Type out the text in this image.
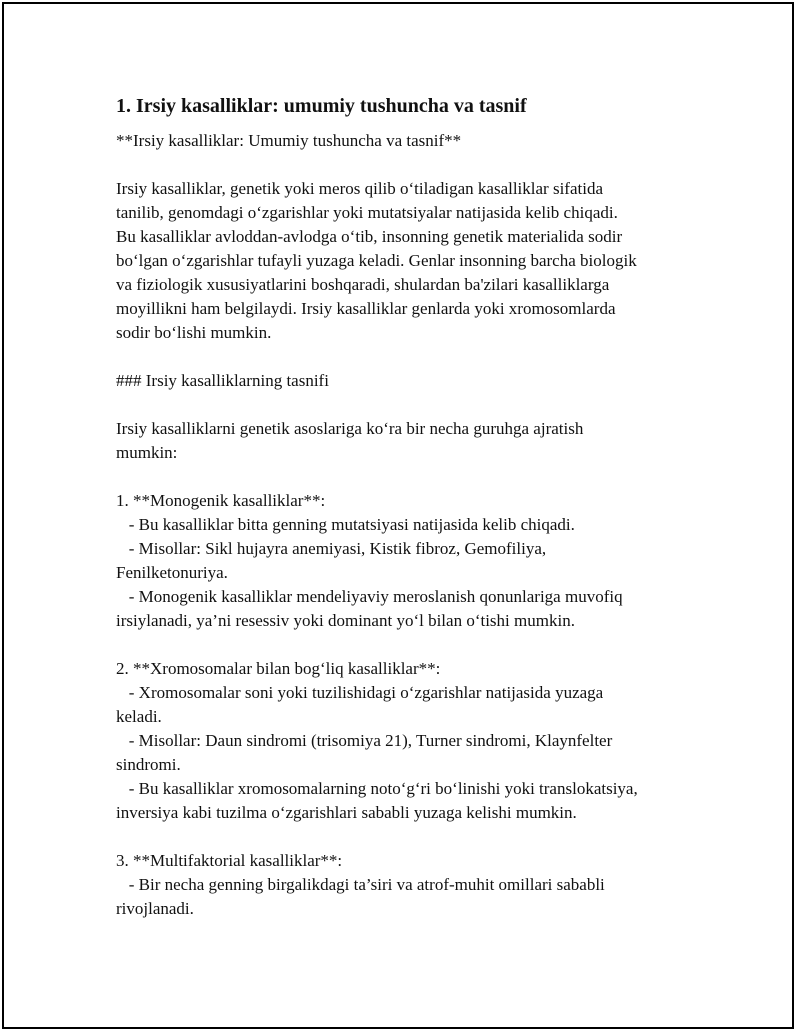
1. Irsiy kasalliklar: umumiy tushuncha va tasnif
**Irsiy kasalliklar: Umumiy tushuncha va tasnif**
Irsiy kasalliklar, genetik yoki meros qilib o‘tiladigan kasalliklar sifatida
tanilib, genomdagi o‘zgarishlar yoki mutatsiyalar natijasida kelib chiqadi.
Bu kasalliklar avloddan-avlodga o‘tib, insonning genetik materialida sodir
bo‘lgan o‘zgarishlar tufayli yuzaga keladi. Genlar insonning barcha biologik
va fiziologik xususiyatlarini boshqaradi, shulardan ba'zilari kasalliklarga
moyillikni ham belgilaydi. Irsiy kasalliklar genlarda yoki xromosomlarda
sodir bo‘lishi mumkin.
### Irsiy kasalliklarning tasnifi
Irsiy kasalliklarni genetik asoslariga ko‘ra bir necha guruhga ajratish
mumkin:
1. **Monogenik kasalliklar**:
- Bu kasalliklar bitta genning mutatsiyasi natijasida kelib chiqadi.
- Misollar: Sikl hujayra anemiyasi, Kistik fibroz, Gemofiliya,
Fenilketonuriya.
- Monogenik kasalliklar mendeliyaviy meroslanish qonunlariga muvofiq
irsiylanadi, ya’ni resessiv yoki dominant yo‘l bilan o‘tishi mumkin.
2. **Xromosomalar bilan bog‘liq kasalliklar**:
- Xromosomalar soni yoki tuzilishidagi o‘zgarishlar natijasida yuzaga
keladi.
- Misollar: Daun sindromi (trisomiya 21), Turner sindromi, Klaynfelter
sindromi.
- Bu kasalliklar xromosomalarning noto‘g‘ri bo‘linishi yoki translokatsiya,
inversiya kabi tuzilma o‘zgarishlari sababli yuzaga kelishi mumkin.
3. **Multifaktorial kasalliklar**:
- Bir necha genning birgalikdagi ta’siri va atrof-muhit omillari sababli
rivojlanadi.
